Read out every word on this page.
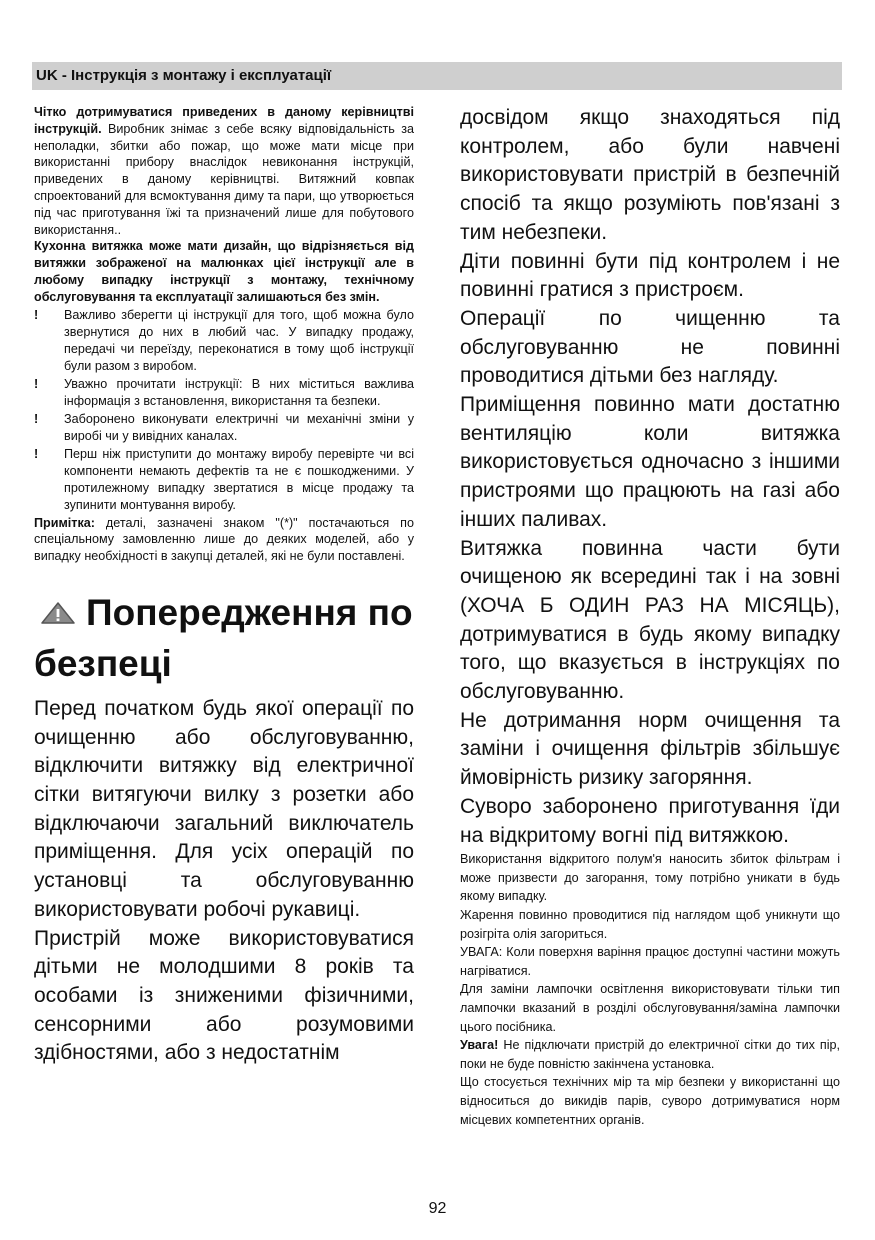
UK - Інструкція з монтажу і експлуатації

Чітко дотримуватися приведених в даному керівництві інструкцій. Виробник знімає з себе всяку відповідальність за неполадки, збитки або пожар, що може мати місце при використанні прибору внаслідок невиконання інструкцій, приведених в даному керівництві. Витяжний ковпак спроектований для всмоктування диму та пари, що утворюється під час приготування їжі та призначений лише для побутового використання..

Кухонна витяжка може мати дизайн, що відрізняється від витяжки зображеної на малюнках цієї інструкції але в любому випадку інструкції з монтажу, технічному обслуговування та експлуатації залишаються без змін.

!	Важливо зберегти ці інструкції для того, щоб можна було звернутися до них в любий час. У випадку продажу, передачі чи переїзду, переконатися в тому щоб інструкції були разом з виробом.
!	Уважно прочитати інструкції: В них міститься важлива інформація з встановлення, використання та безпеки.
!	Заборонено виконувати електричні чи механічні зміни у виробі чи у вивідних каналах.
!	Перш ніж приступити до монтажу виробу перевірте чи всі компоненти немають дефектів та не є пошкодженими. У протилежному випадку звертатися в місце продажу та зупинити монтування виробу.

Примітка: деталі, зазначені знаком "(*)" постачаються по спеціальному замовленню лише до деяких моделей, або у випадку необхідності в закупці деталей, які не були поставлені.

Попередження по безпеці

Перед початком будь якої операції по очищенню або обслуговуванню, відключити витяжку від електричної сітки витягуючи вилку з розетки або відключаючи загальний виключатель приміщення. Для усіх операцій по установці та обслуговуванню використовувати робочі рукавиці.

Пристрій може використовуватися дітьми не молодшими 8 років та особами із зниженими фізичними, сенсорними або розумовими здібностями, або з недостатнім

досвідом якщо знаходяться під контролем, або були навчені використовувати пристрій в безпечній спосіб та якщо розуміють пов'язані з тим небезпеки.

Діти повинні бути під контролем і не повинні гратися з пристроєм.

Операції по чищенню та обслуговуванню не повинні проводитися дітьми без нагляду.

Приміщення повинно мати достатню вентиляцію коли витяжка використовується одночасно з іншими пристроями що працюють на газі або інших паливах.

Витяжка повинна части бути очищеною як всередині так і на зовні (ХОЧА Б ОДИН РАЗ НА МІСЯЦЬ), дотримуватися в будь якому випадку того, що вказується в інструкціях по обслуговуванню.

Не дотримання норм очищення та заміни і очищення фільтрів збільшує ймовірність ризику загоряння.

Суворо заборонено приготування їди на відкритому вогні під витяжкою.

Використання відкритого полум'я наносить збиток фільтрам і може призвести до загорання, тому потрібно уникати в будь якому випадку.

Жарення повинно проводитися під наглядом щоб уникнути що розігріта олія загориться.

УВАГА: Коли поверхня варіння працює доступні частини можуть нагріватися.

Для заміни лампочки освітлення використовувати тільки тип лампочки вказаний в розділі обслуговування/заміна лампочки цього посібника.

Увага! Не підключати пристрій до електричної сітки до тих пір, поки не буде повністю закінчена установка.

Що стосується технічних мір та мір безпеки у використанні що відноситься до викидів парів, суворо дотримуватися норм місцевих компетентних органів.

92
